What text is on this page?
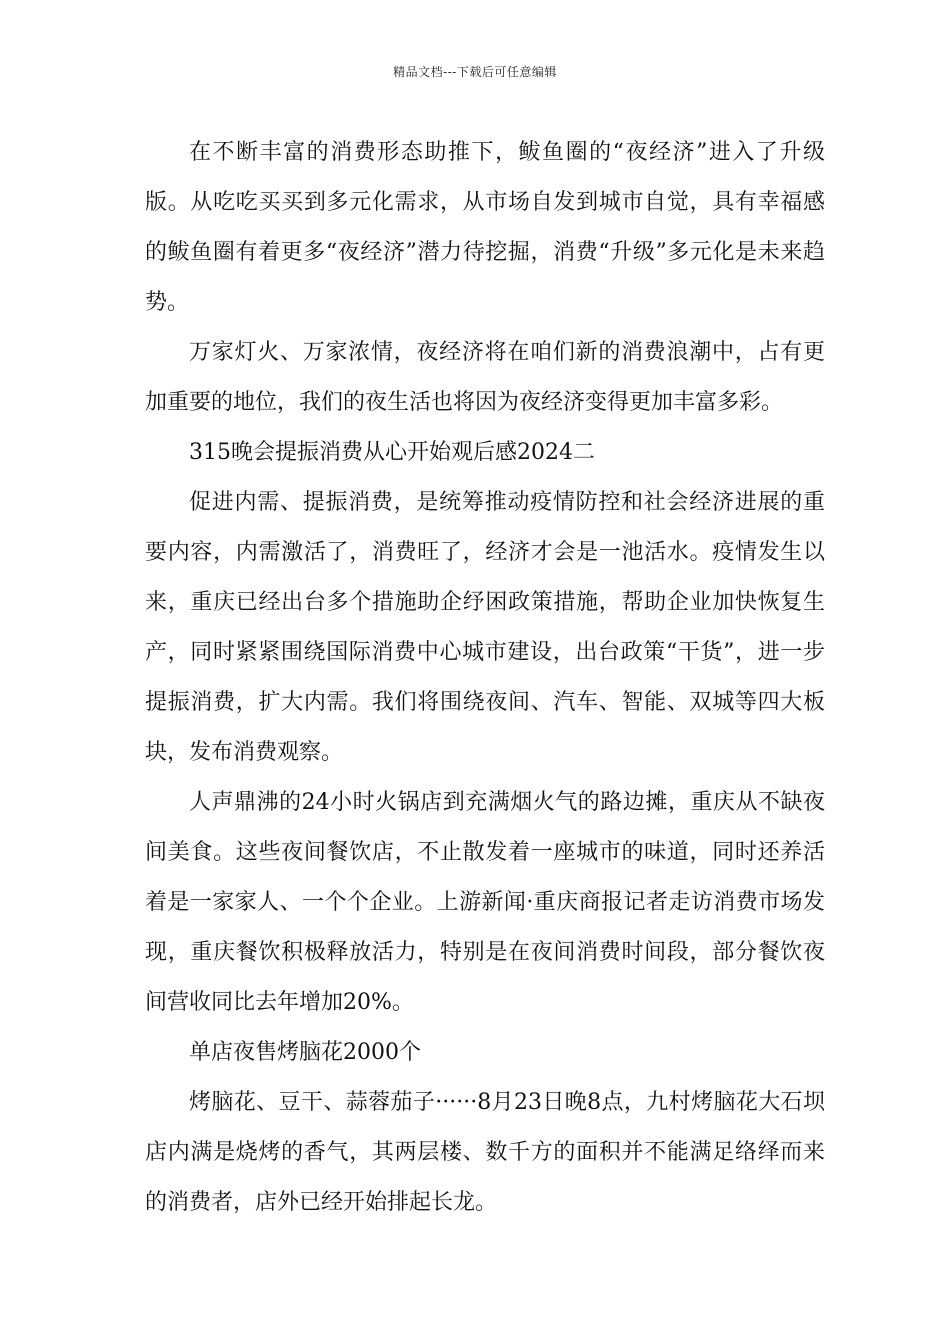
精品文档---下载后可任意编辑

在不断丰富的消费形态助推下，鲅鱼圈的“夜经济”进入了升级版。从吃吃买买到多元化需求，从市场自发到城市自觉，具有幸福感的鲅鱼圈有着更多“夜经济”潜力待挖掘，消费“升级”多元化是未来趋势。

万家灯火、万家浓情，夜经济将在咱们新的消费浪潮中，占有更加重要的地位，我们的夜生活也将因为夜经济变得更加丰富多彩。

315晚会提振消费从心开始观后感2024二

促进内需、提振消费，是统筹推动疫情防控和社会经济进展的重要内容，内需激活了，消费旺了，经济才会是一池活水。疫情发生以来，重庆已经出台多个措施助企纾困政策措施，帮助企业加快恢复生产，同时紧紧围绕国际消费中心城市建设，出台政策“干货”，进一步提振消费，扩大内需。我们将围绕夜间、汽车、智能、双城等四大板块，发布消费观察。

人声鼎沸的24小时火锅店到充满烟火气的路边摊，重庆从不缺夜间美食。这些夜间餐饮店，不止散发着一座城市的味道，同时还养活着是一家家人、一个个企业。上游新闻·重庆商报记者走访消费市场发现，重庆餐饮积极释放活力，特别是在夜间消费时间段，部分餐饮夜间营收同比去年增加20%。

单店夜售烤脑花2000个

烤脑花、豆干、蒜蓉茄子······8月23日晚8点，九村烤脑花大石坝店内满是烧烤的香气，其两层楼、数千方的面积并不能满足络绎而来的消费者，店外已经开始排起长龙。
